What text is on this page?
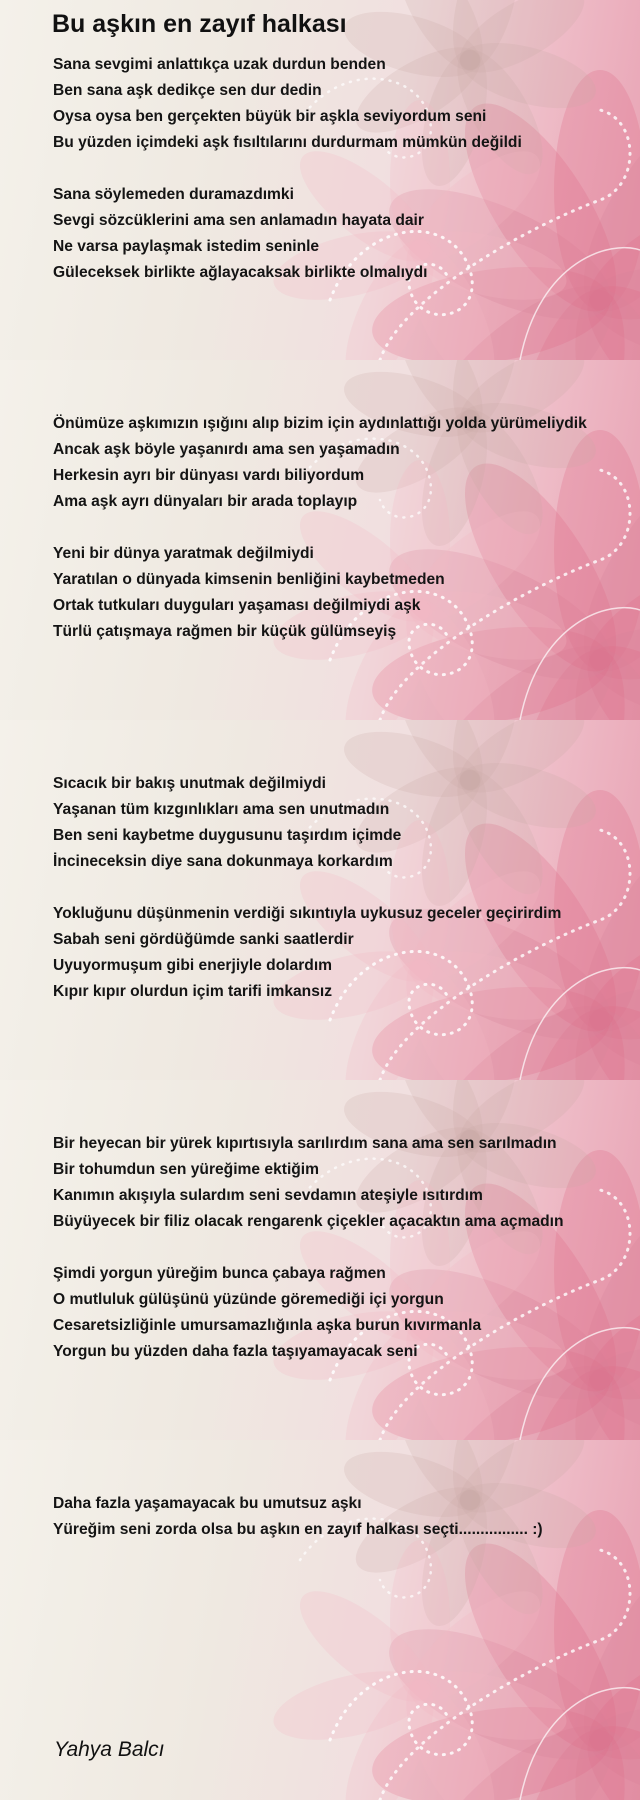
Bu aşkın en zayıf halkası
Sana sevgimi anlattıkça uzak durdun benden
Ben sana aşk dedikçe sen dur dedin
Oysa oysa ben gerçekten büyük bir aşkla seviyordum seni
Bu yüzden içimdeki aşk fısıltılarını durdurmam mümkün değildi
Sana söylemeden duramazdımki
Sevgi sözcüklerini ama sen anlamadın hayata dair
Ne varsa paylaşmak istedim seninle
Güleceksek birlikte ağlayacaksak birlikte olmalıydı
Önümüze aşkımızın ışığını alıp bizim için aydınlattığı yolda yürümeliydik
Ancak aşk böyle yaşanırdı ama sen yaşamadın
Herkesin ayrı bir dünyası vardı biliyordum
Ama aşk ayrı dünyaları bir arada toplayıp
Yeni bir dünya yaratmak değilmiydi
Yaratılan o dünyada kimsenin benliğini kaybetmeden
Ortak tutkuları duyguları yaşaması değilmiydi aşk
Türlü çatışmaya rağmen bir küçük gülümseyiş
Sıcacık bir bakış unutmak değilmiydi
Yaşanan tüm kızgınlıkları ama sen unutmadın
Ben seni kaybetme duygusunu taşırdım içimde
İncineceksin diye sana dokunmaya korkardım
Yokluğunu düşünmenin verdiği sıkıntıyla uykusuz geceler geçirirdim
Sabah seni gördüğümde sanki saatlerdir
Uyuyormuşum gibi enerjiyle dolardım
Kıpır kıpır olurdun içim tarifi imkansız
Bir heyecan bir yürek kıpırtısıyla sarılırdım sana ama sen sarılmadın
Bir tohumdun sen yüreğime ektiğim
Kanımın akışıyla sulardım seni sevdamın ateşiyle ısıtırdım
Büyüyecek bir filiz olacak rengarenk çiçekler açacaktın ama açmadın
Şimdi yorgun yüreğim bunca çabaya rağmen
O mutluluk gülüşünü yüzünde göremediği içi yorgun
Cesaretsizliğinle umursamazlığınla aşka burun kıvırmanla
Yorgun bu yüzden daha fazla taşıyamayacak seni
Daha fazla yaşamayacak bu umutsuz aşkı
Yüreğim seni zorda olsa bu aşkın en zayıf halkası seçti................ :)
Yahya Balcı
